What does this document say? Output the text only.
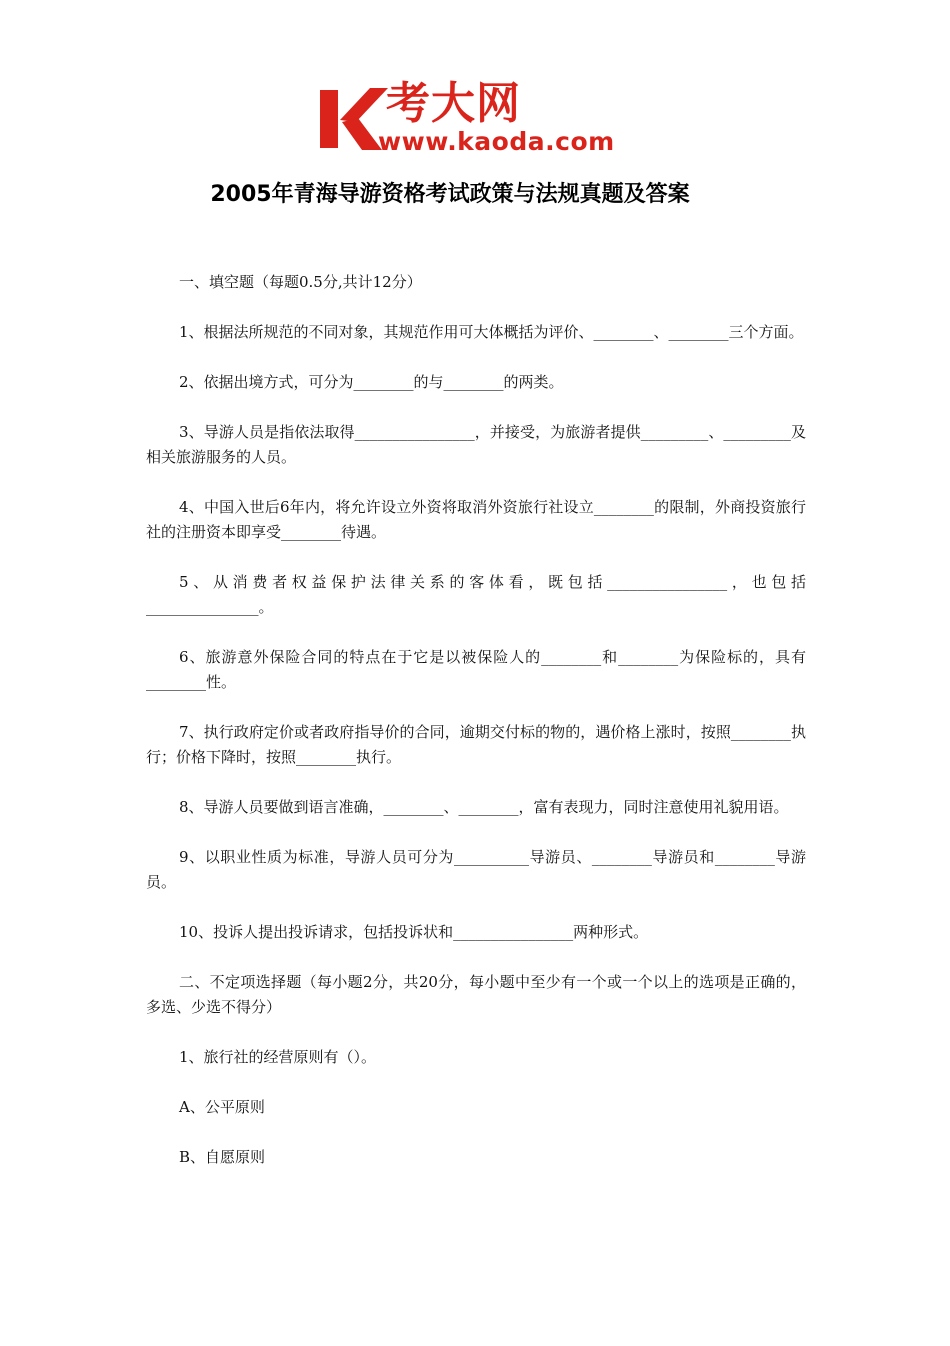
考大网
www.kaoda.com
2005年青海导游资格考试政策与法规真题及答案

一、填空题（每题0.5分,共计12分）

1、根据法所规范的不同对象，其规范作用可大体概括为评价、________、________三个方面。

2、依据出境方式，可分为________的与________的两类。

3、导游人员是指依法取得________________，并接受，为旅游者提供_________、_________及相关旅游服务的人员。

4、中国入世后6年内，将允许设立外资将取消外资旅行社设立________的限制，外商投资旅行社的注册资本即享受________待遇。

5、从消费者权益保护法律关系的客体看，既包括________________，也包括_______________。

6、旅游意外保险合同的特点在于它是以被保险人的________和________为保险标的，具有________性。

7、执行政府定价或者政府指导价的合同，逾期交付标的物的，遇价格上涨时，按照________执行；价格下降时，按照________执行。

8、导游人员要做到语言准确，________、________，富有表现力，同时注意使用礼貌用语。

9、以职业性质为标准，导游人员可分为__________导游员、________导游员和________导游员。

10、投诉人提出投诉请求，包括投诉状和________________两种形式。

二、不定项选择题（每小题2分，共20分，每小题中至少有一个或一个以上的选项是正确的，多选、少选不得分）

1、旅行社的经营原则有（）。

A、公平原则

B、自愿原则
